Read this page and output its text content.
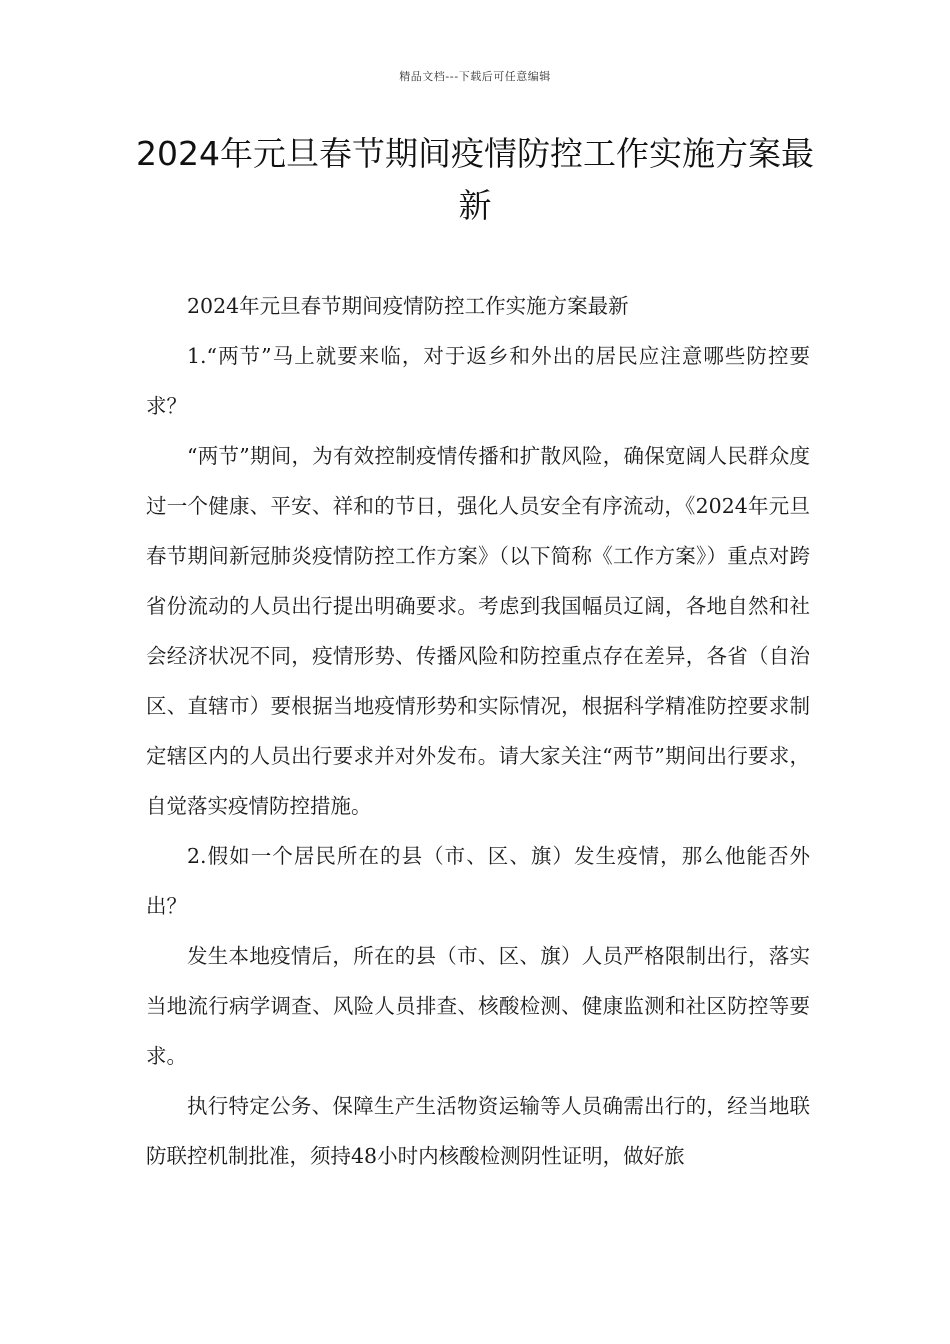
精品文档---下载后可任意编辑
2024年元旦春节期间疫情防控工作实施方案最新

2024年元旦春节期间疫情防控工作实施方案最新

1.“两节”马上就要来临，对于返乡和外出的居民应注意哪些防控要求？

“两节”期间，为有效控制疫情传播和扩散风险，确保宽阔人民群众度过一个健康、平安、祥和的节日，强化人员安全有序流动，《2024年元旦春节期间新冠肺炎疫情防控工作方案》（以下简称《工作方案》）重点对跨省份流动的人员出行提出明确要求。考虑到我国幅员辽阔，各地自然和社会经济状况不同，疫情形势、传播风险和防控重点存在差异，各省（自治区、直辖市）要根据当地疫情形势和实际情况，根据科学精准防控要求制定辖区内的人员出行要求并对外发布。请大家关注“两节”期间出行要求，自觉落实疫情防控措施。

2.假如一个居民所在的县（市、区、旗）发生疫情，那么他能否外出？

发生本地疫情后，所在的县（市、区、旗）人员严格限制出行，落实当地流行病学调查、风险人员排查、核酸检测、健康监测和社区防控等要求。

执行特定公务、保障生产生活物资运输等人员确需出行的，经当地联防联控机制批准，须持48小时内核酸检测阴性证明，做好旅
